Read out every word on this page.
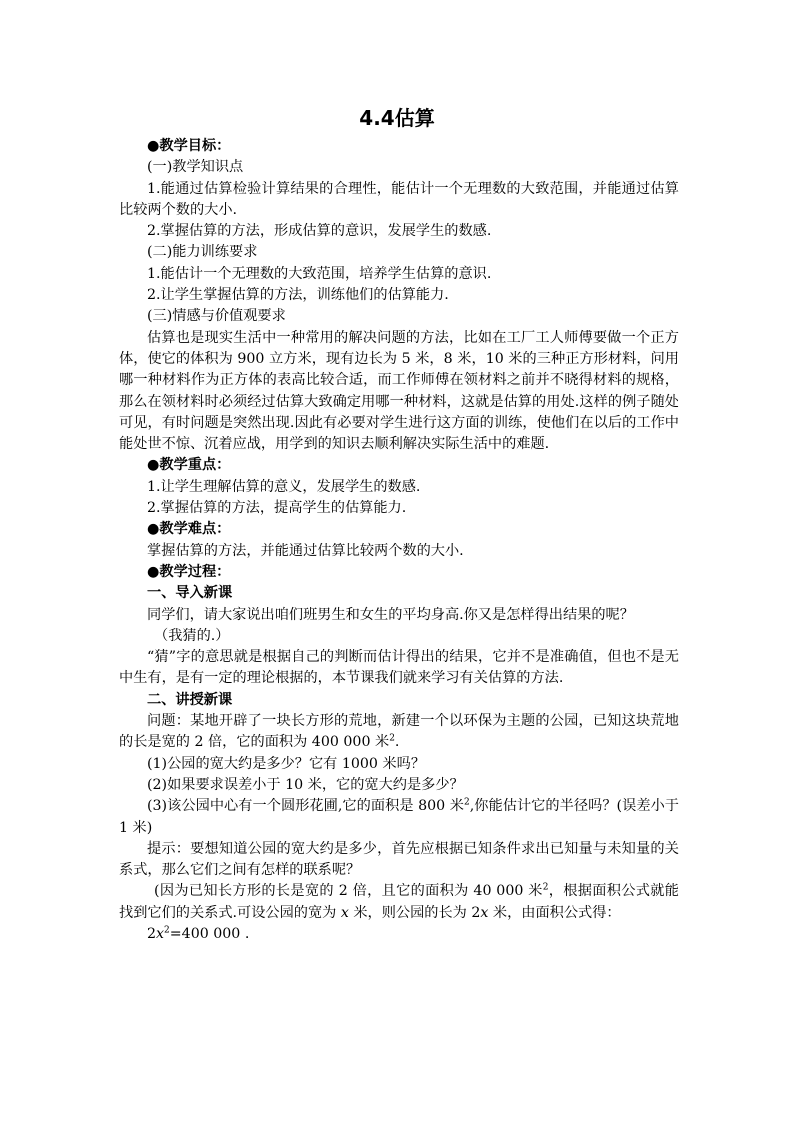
4.4估算

●教学目标：

(一)教学知识点

1.能通过估算检验计算结果的合理性，能估计一个无理数的大致范围，并能通过估算比较两个数的大小.

2.掌握估算的方法，形成估算的意识，发展学生的数感.

(二)能力训练要求

1.能估计一个无理数的大致范围，培养学生估算的意识.

2.让学生掌握估算的方法，训练他们的估算能力.

(三)情感与价值观要求

估算也是现实生活中一种常用的解决问题的方法，比如在工厂工人师傅要做一个正方体，使它的体积为 900 立方米，现有边长为 5 米，8 米，10 米的三种正方形材料，问用哪一种材料作为正方体的表高比较合适，而工作师傅在领材料之前并不晓得材料的规格，那么在领材料时必须经过估算大致确定用哪一种材料，这就是估算的用处.这样的例子随处可见，有时问题是突然出现.因此有必要对学生进行这方面的训练，使他们在以后的工作中能处世不惊、沉着应战，用学到的知识去顺利解决实际生活中的难题.

●教学重点：

1.让学生理解估算的意义，发展学生的数感.

2.掌握估算的方法，提高学生的估算能力.

●教学难点：

掌握估算的方法，并能通过估算比较两个数的大小.

●教学过程：

一、导入新课

同学们，请大家说出咱们班男生和女生的平均身高.你又是怎样得出结果的呢？

（我猜的.）

“猜”字的意思就是根据自己的判断而估计得出的结果，它并不是准确值，但也不是无中生有，是有一定的理论根据的，本节课我们就来学习有关估算的方法.

二、讲授新课

问题：某地开辟了一块长方形的荒地，新建一个以环保为主题的公园，已知这块荒地的长是宽的 2 倍，它的面积为 400 000 米$^2$.

(1)公园的宽大约是多少？它有 1000 米吗？

(2)如果要求误差小于 10 米，它的宽大约是多少？

(3)该公园中心有一个圆形花圃,它的面积是 800 米$^2$,你能估计它的半径吗？(误差小于 1 米)

提示：要想知道公园的宽大约是多少，首先应根据已知条件求出已知量与未知量的关系式，那么它们之间有怎样的联系呢？

(因为已知长方形的长是宽的 2 倍，且它的面积为 40 000 米$^2$，根据面积公式就能找到它们的关系式.可设公园的宽为 x 米，则公园的长为 2x 米，由面积公式得：

$2x^2=400$ 000 .
